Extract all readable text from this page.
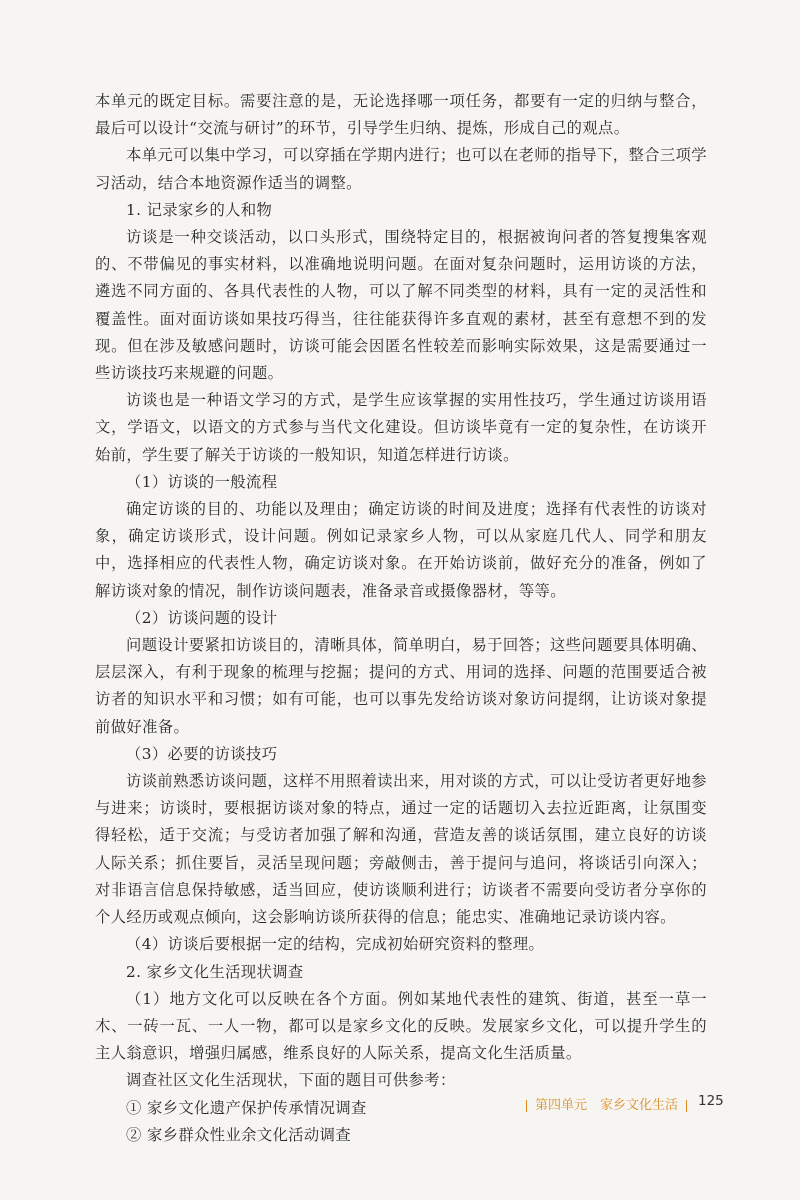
本单元的既定目标。需要注意的是，无论选择哪一项任务，都要有一定的归纳与整合，最后可以设计“交流与研讨”的环节，引导学生归纳、提炼，形成自己的观点。

本单元可以集中学习，可以穿插在学期内进行；也可以在老师的指导下，整合三项学习活动，结合本地资源作适当的调整。

1. 记录家乡的人和物

访谈是一种交谈活动，以口头形式，围绕特定目的，根据被询问者的答复搜集客观的、不带偏见的事实材料，以准确地说明问题。在面对复杂问题时，运用访谈的方法，遴选不同方面的、各具代表性的人物，可以了解不同类型的材料，具有一定的灵活性和覆盖性。面对面访谈如果技巧得当，往往能获得许多直观的素材，甚至有意想不到的发现。但在涉及敏感问题时，访谈可能会因匿名性较差而影响实际效果，这是需要通过一些访谈技巧来规避的问题。

访谈也是一种语文学习的方式，是学生应该掌握的实用性技巧，学生通过访谈用语文，学语文，以语文的方式参与当代文化建设。但访谈毕竟有一定的复杂性，在访谈开始前，学生要了解关于访谈的一般知识，知道怎样进行访谈。

（1）访谈的一般流程

确定访谈的目的、功能以及理由；确定访谈的时间及进度；选择有代表性的访谈对象，确定访谈形式，设计问题。例如记录家乡人物，可以从家庭几代人、同学和朋友中，选择相应的代表性人物，确定访谈对象。在开始访谈前，做好充分的准备，例如了解访谈对象的情况，制作访谈问题表，准备录音或摄像器材，等等。

（2）访谈问题的设计

问题设计要紧扣访谈目的，清晰具体，简单明白，易于回答；这些问题要具体明确、层层深入，有利于现象的梳理与挖掘；提问的方式、用词的选择、问题的范围要适合被访者的知识水平和习惯；如有可能，也可以事先发给访谈对象访问提纲，让访谈对象提前做好准备。

（3）必要的访谈技巧

访谈前熟悉访谈问题，这样不用照着读出来，用对谈的方式，可以让受访者更好地参与进来；访谈时，要根据访谈对象的特点，通过一定的话题切入去拉近距离，让氛围变得轻松，适于交流；与受访者加强了解和沟通，营造友善的谈话氛围，建立良好的访谈人际关系；抓住要旨，灵活呈现问题；旁敲侧击，善于提问与追问，将谈话引向深入；对非语言信息保持敏感，适当回应，使访谈顺利进行；访谈者不需要向受访者分享你的个人经历或观点倾向，这会影响访谈所获得的信息；能忠实、准确地记录访谈内容。

（4）访谈后要根据一定的结构，完成初始研究资料的整理。

2. 家乡文化生活现状调查

（1）地方文化可以反映在各个方面。例如某地代表性的建筑、街道，甚至一草一木、一砖一瓦、一人一物，都可以是家乡文化的反映。发展家乡文化，可以提升学生的主人翁意识，增强归属感，维系良好的人际关系，提高文化生活质量。

调查社区文化生活现状，下面的题目可供参考：

① 家乡文化遗产保护传承情况调查

② 家乡群众性业余文化活动调查

第四单元　 家乡文化生活	125
